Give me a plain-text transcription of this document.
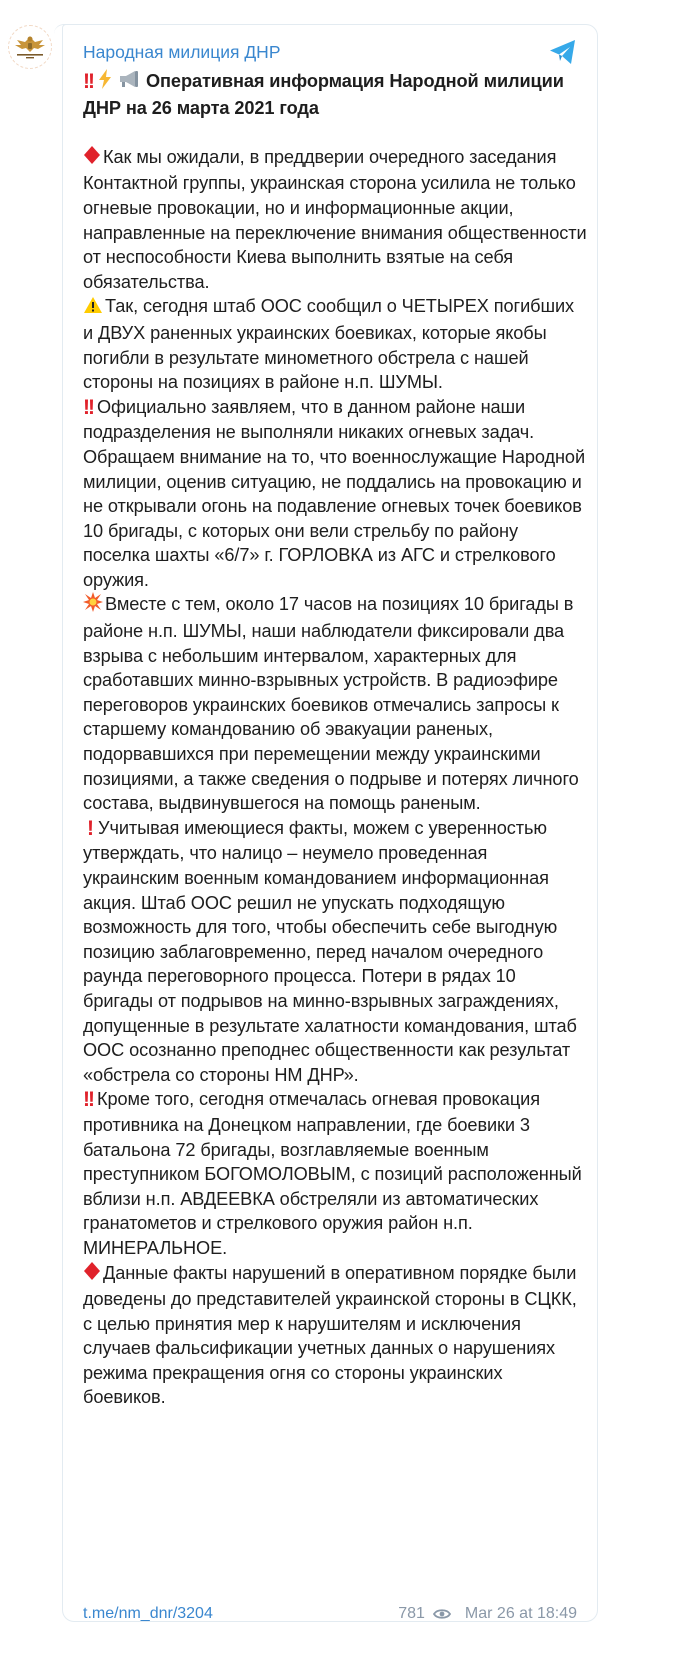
Народная милиция ДНР
!!	Оперативная информация Народной милиции ДНР на 26 марта 2021 года

Как мы ожидали, в преддверии очередного заседания Контактной группы, украинская сторона усилила не только огневые провокации, но и информационные акции, направленные на переключение внимания общественности от неспособности Киева выполнить взятые на себя обязательства.

Так, сегодня штаб ООС сообщил о ЧЕТЫРЕХ погибших и ДВУХ раненных украинских боевиках, которые якобы погибли в результате минометного обстрела с нашей стороны на позициях в районе н.п. ШУМЫ.

!! Официально заявляем, что в данном районе наши подразделения не выполняли никаких огневых задач. Обращаем внимание на то, что военнослужащие Народной милиции, оценив ситуацию, не поддались на провокацию и не открывали огонь на подавление огневых точек боевиков 10 бригады, с которых они вели стрельбу по району поселка шахты «6/7» г. ГОРЛОВКА из АГС и стрелкового оружия.

Вместе с тем, около 17 часов на позициях 10 бригады в районе н.п. ШУМЫ, наши наблюдатели фиксировали два взрыва с небольшим интервалом, характерных для сработавших минно-взрывных устройств. В радиоэфире переговоров украинских боевиков отмечались запросы к старшему командованию об эвакуации раненых, подорвавшихся при перемещении между украинскими позициями, а также сведения о подрыве и потерях личного состава, выдвинувшегося на помощь раненым.

! Учитывая имеющиеся факты, можем с уверенностью утверждать, что налицо – неумело проведенная украинским военным командованием информационная акция. Штаб ООС решил не упускать подходящую возможность для того, чтобы обеспечить себе выгодную позицию заблаговременно, перед началом очередного раунда переговорного процесса. Потери в рядах 10 бригады от подрывов на минно-взрывных заграждениях, допущенные в результате халатности командования, штаб ООС осознанно преподнес общественности как результат «обстрела со стороны НМ ДНР».

!! Кроме того, сегодня отмечалась огневая провокация противника на Донецком направлении, где боевики 3 батальона 72 бригады, возглавляемые военным преступником БОГОМОЛОВЫМ, с позиций расположенный вблизи н.п. АВДЕЕВКА обстреляли из автоматических гранатометов и стрелкового оружия район н.п. МИНЕРАЛЬНОЕ.

Данные факты нарушений в оперативном порядке были доведены до представителей украинской стороны в СЦКК, с целью принятия мер к нарушителям и исключения случаев фальсификации учетных данных о нарушениях режима прекращения огня со стороны украинских боевиков.

t.me/nm_dnr/3204	781	Mar 26 at 18:49
